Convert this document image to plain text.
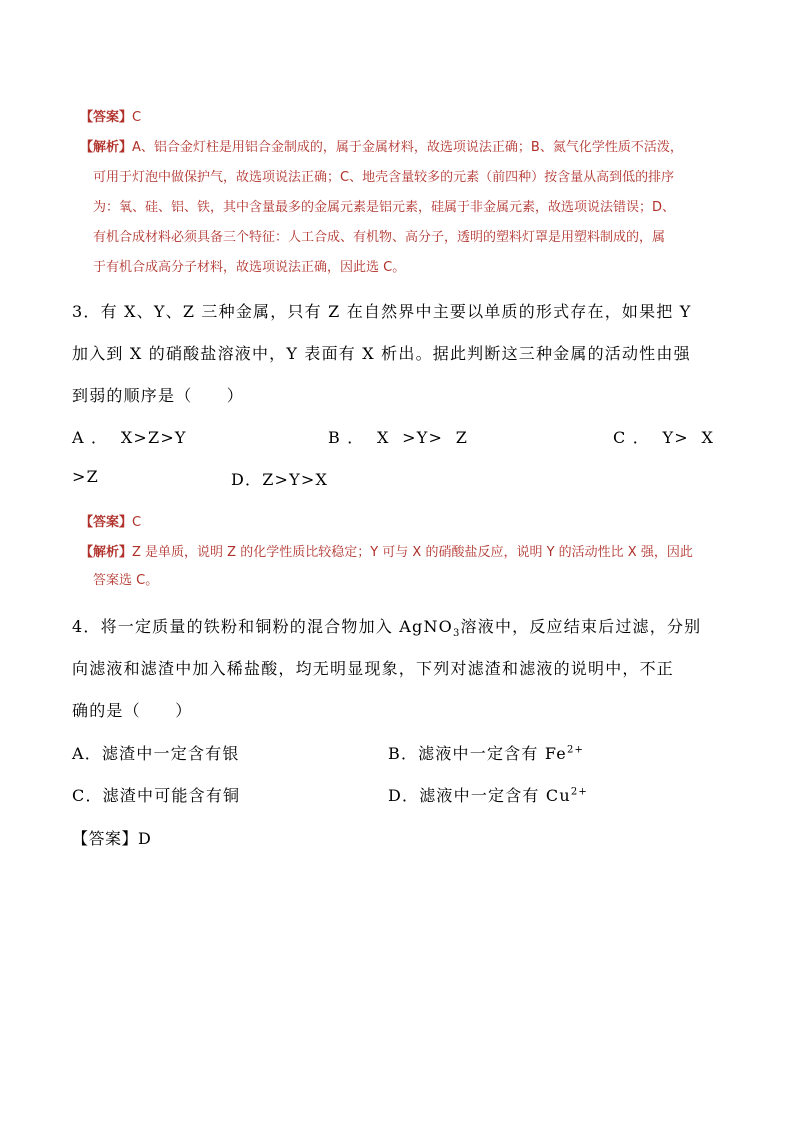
【答案】C
【解析】A、铝合金灯柱是用铝合金制成的，属于金属材料，故选项说法正确；B、氮气化学性质不活泼，
可用于灯泡中做保护气，故选项说法正确；C、地壳含量较多的元素（前四种）按含量从高到低的排序
为：氧、硅、铝、铁，其中含量最多的金属元素是铝元素，硅属于非金属元素，故选项说法错误；D、
有机合成材料必须具备三个特征：人工合成、有机物、高分子，透明的塑料灯罩是用塑料制成的，属
于有机合成高分子材料，故选项说法正确，因此选 C。
3．有 X、Y、Z 三种金属，只有 Z 在自然界中主要以单质的形式存在，如果把 Y
加入到 X 的硝酸盐溶液中，Y 表面有 X 析出。据此判断这三种金属的活动性由强
到弱的顺序是（　　）
A ．  X>Z>Y	B ．  X  >Y>  Z	C ．  Y>  X
>Z	D．Z>Y>X
【答案】C
【解析】Z 是单质，说明 Z 的化学性质比较稳定；Y 可与 X 的硝酸盐反应，说明 Y 的活动性比 X 强，因此
答案选 C。
4．将一定质量的铁粉和铜粉的混合物加入 AgNO$_3$溶液中，反应结束后过滤，分别
向滤液和滤渣中加入稀盐酸，均无明显现象，下列对滤渣和滤液的说明中，不正
确的是（　　）
A．滤渣中一定含有银	B．滤液中一定含有 $Fe^{2+}$
C．滤渣中可能含有铜	D．滤液中一定含有 $Cu^{2+}$
【答案】D
